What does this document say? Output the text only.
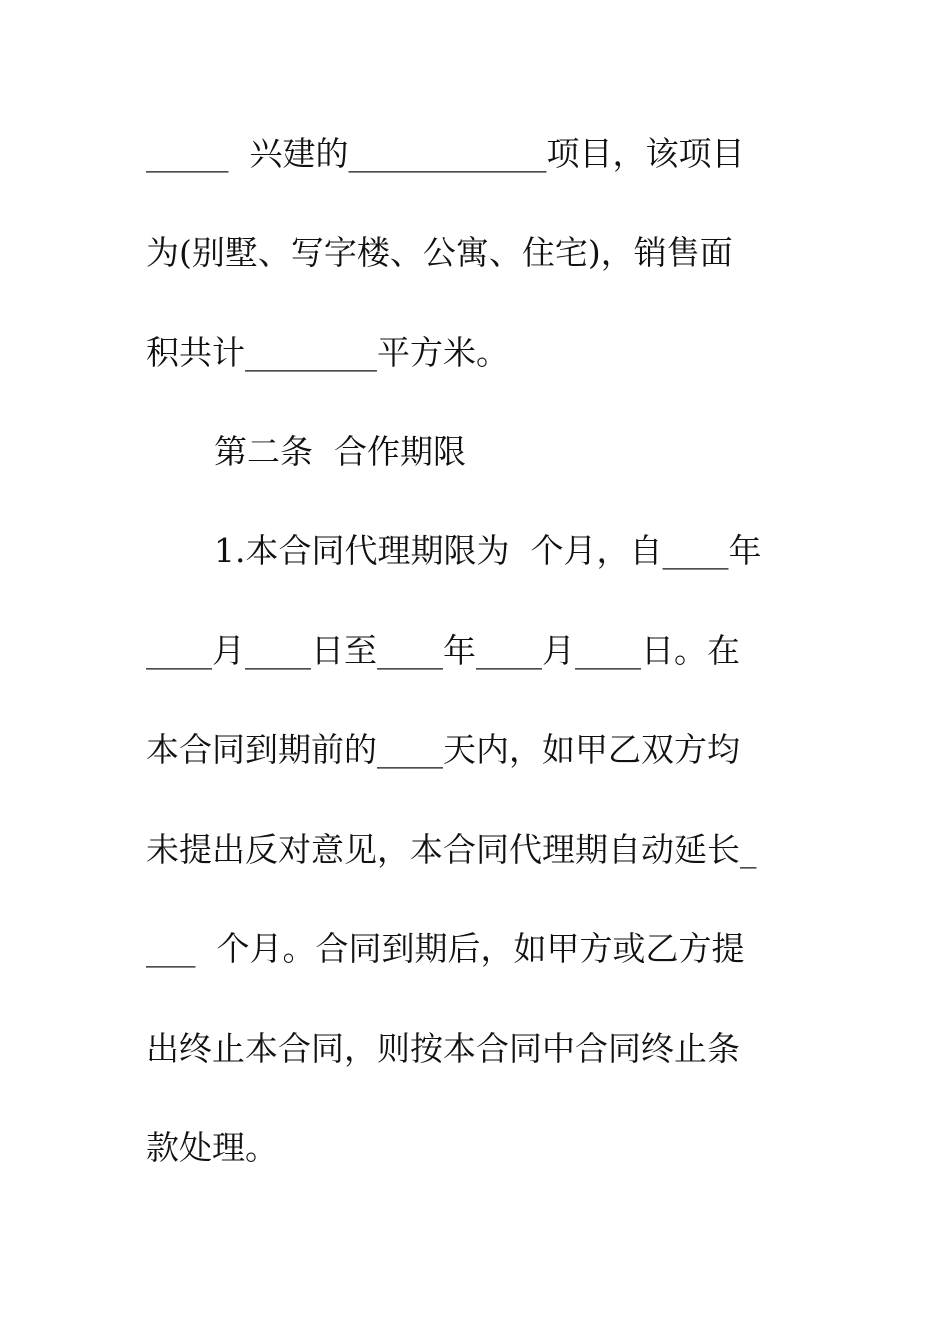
_____  兴建的____________项目，该项目
为(别墅、写字楼、公寓、住宅)，销售面
积共计________平方米。
第二条  合作期限
1.本合同代理期限为  个月，自____年
____月____日至____年____月____日。在
本合同到期前的____天内，如甲乙双方均
未提出反对意见，本合同代理期自动延长_
___  个月。合同到期后，如甲方或乙方提
出终止本合同，则按本合同中合同终止条
款处理。
